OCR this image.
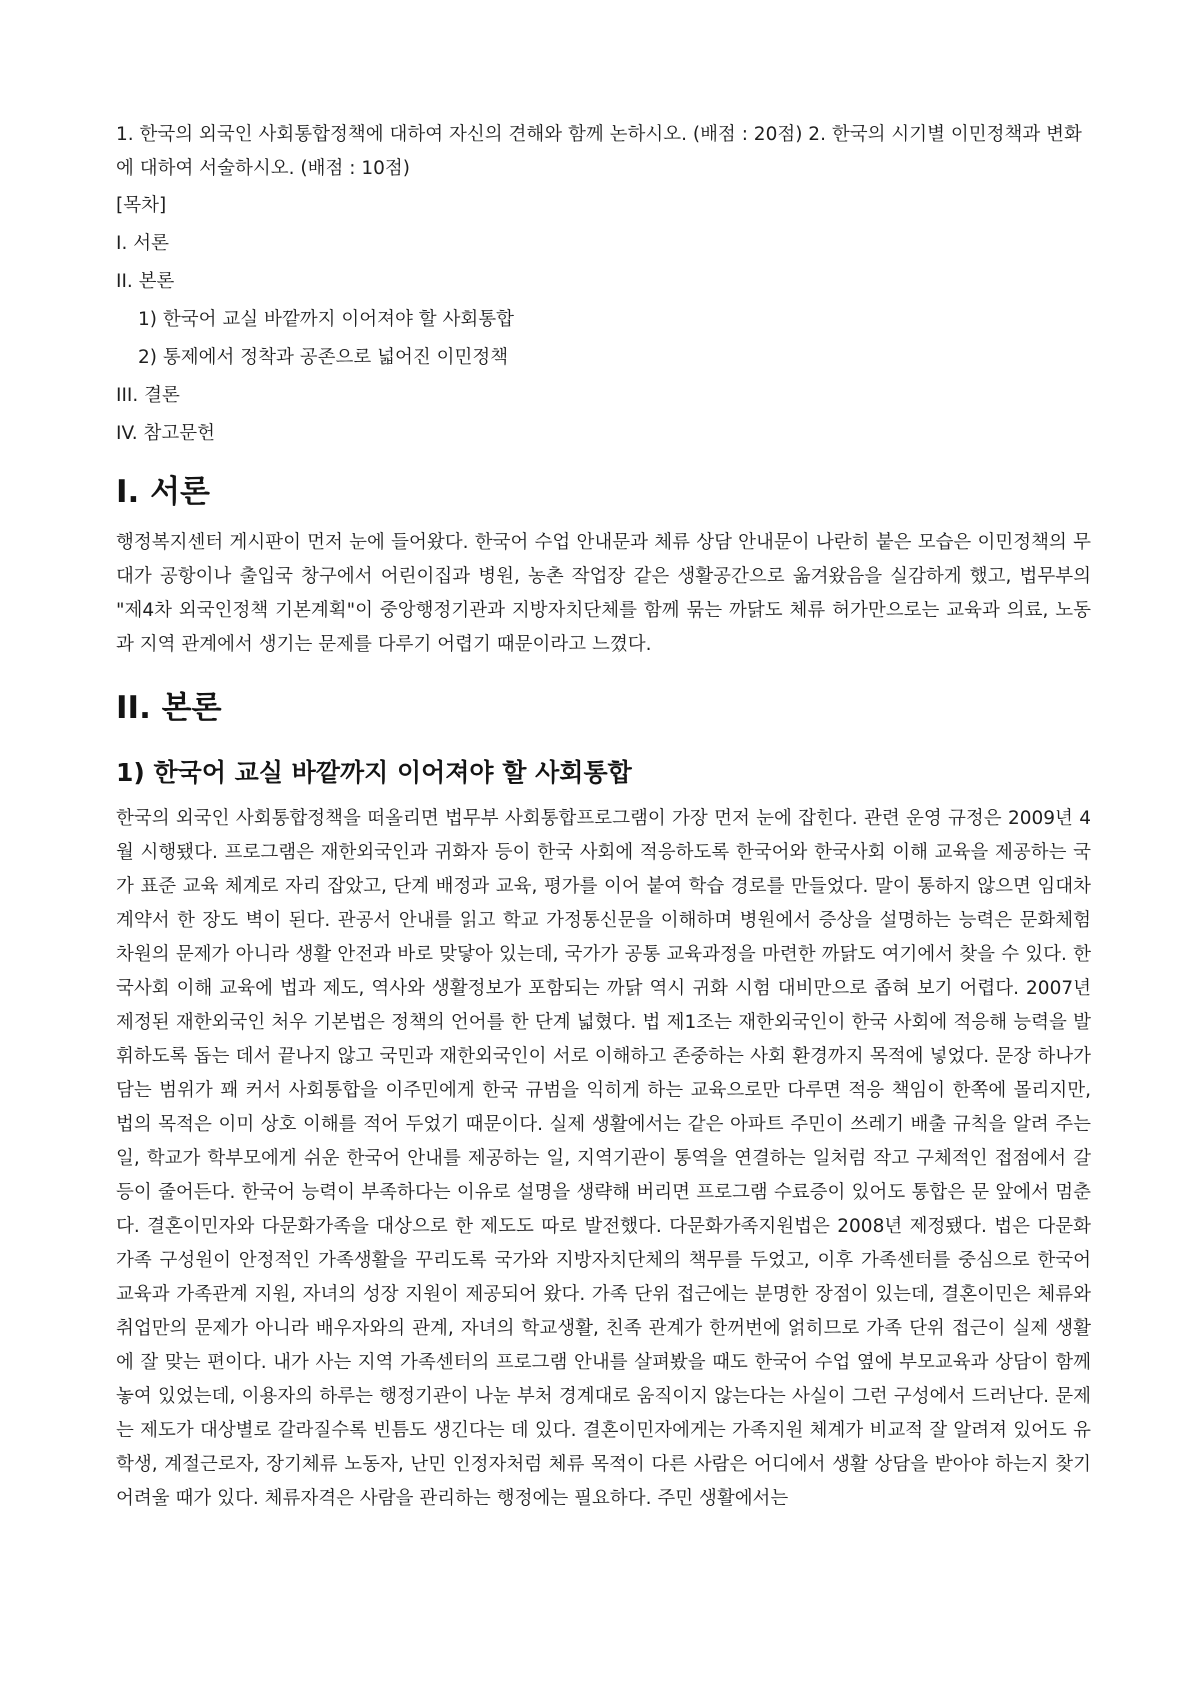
1. 한국의 외국인 사회통합정책에 대하여 자신의 견해와 함께 논하시오. (배점 : 20점) 2. 한국의 시기별 이민정책과 변화에 대하여 서술하시오. (배점 : 10점)

[목차]

I. 서론
II. 본론
1) 한국어 교실 바깥까지 이어져야 할 사회통합
2) 통제에서 정착과 공존으로 넓어진 이민정책
III. 결론
IV. 참고문헌
I. 서론

행정복지센터 게시판이 먼저 눈에 들어왔다. 한국어 수업 안내문과 체류 상담 안내문이 나란히 붙은 모습은 이민정책의 무대가 공항이나 출입국 창구에서 어린이집과 병원, 농촌 작업장 같은 생활공간으로 옮겨왔음을 실감하게 했고, 법무부의 "제4차 외국인정책 기본계획"이 중앙행정기관과 지방자치단체를 함께 묶는 까닭도 체류 허가만으로는 교육과 의료, 노동과 지역 관계에서 생기는 문제를 다루기 어렵기 때문이라고 느꼈다.

II. 본론
1) 한국어 교실 바깥까지 이어져야 할 사회통합

한국의 외국인 사회통합정책을 떠올리면 법무부 사회통합프로그램이 가장 먼저 눈에 잡힌다. 관련 운영 규정은 2009년 4월 시행됐다. 프로그램은 재한외국인과 귀화자 등이 한국 사회에 적응하도록 한국어와 한국사회 이해 교육을 제공하는 국가 표준 교육 체계로 자리 잡았고, 단계 배정과 교육, 평가를 이어 붙여 학습 경로를 만들었다. 말이 통하지 않으면 임대차 계약서 한 장도 벽이 된다. 관공서 안내를 읽고 학교 가정통신문을 이해하며 병원에서 증상을 설명하는 능력은 문화체험 차원의 문제가 아니라 생활 안전과 바로 맞닿아 있는데, 국가가 공통 교육과정을 마련한 까닭도 여기에서 찾을 수 있다. 한국사회 이해 교육에 법과 제도, 역사와 생활정보가 포함되는 까닭 역시 귀화 시험 대비만으로 좁혀 보기 어렵다. 2007년 제정된 재한외국인 처우 기본법은 정책의 언어를 한 단계 넓혔다. 법 제1조는 재한외국인이 한국 사회에 적응해 능력을 발휘하도록 돕는 데서 끝나지 않고 국민과 재한외국인이 서로 이해하고 존중하는 사회 환경까지 목적에 넣었다. 문장 하나가 담는 범위가 꽤 커서 사회통합을 이주민에게 한국 규범을 익히게 하는 교육으로만 다루면 적응 책임이 한쪽에 몰리지만, 법의 목적은 이미 상호 이해를 적어 두었기 때문이다. 실제 생활에서는 같은 아파트 주민이 쓰레기 배출 규칙을 알려 주는 일, 학교가 학부모에게 쉬운 한국어 안내를 제공하는 일, 지역기관이 통역을 연결하는 일처럼 작고 구체적인 접점에서 갈등이 줄어든다. 한국어 능력이 부족하다는 이유로 설명을 생략해 버리면 프로그램 수료증이 있어도 통합은 문 앞에서 멈춘다. 결혼이민자와 다문화가족을 대상으로 한 제도도 따로 발전했다. 다문화가족지원법은 2008년 제정됐다. 법은 다문화가족 구성원이 안정적인 가족생활을 꾸리도록 국가와 지방자치단체의 책무를 두었고, 이후 가족센터를 중심으로 한국어 교육과 가족관계 지원, 자녀의 성장 지원이 제공되어 왔다. 가족 단위 접근에는 분명한 장점이 있는데, 결혼이민은 체류와 취업만의 문제가 아니라 배우자와의 관계, 자녀의 학교생활, 친족 관계가 한꺼번에 얽히므로 가족 단위 접근이 실제 생활에 잘 맞는 편이다. 내가 사는 지역 가족센터의 프로그램 안내를 살펴봤을 때도 한국어 수업 옆에 부모교육과 상담이 함께 놓여 있었는데, 이용자의 하루는 행정기관이 나눈 부처 경계대로 움직이지 않는다는 사실이 그런 구성에서 드러난다. 문제는 제도가 대상별로 갈라질수록 빈틈도 생긴다는 데 있다. 결혼이민자에게는 가족지원 체계가 비교적 잘 알려져 있어도 유학생, 계절근로자, 장기체류 노동자, 난민 인정자처럼 체류 목적이 다른 사람은 어디에서 생활 상담을 받아야 하는지 찾기 어려울 때가 있다. 체류자격은 사람을 관리하는 행정에는 필요하다. 주민 생활에서는
